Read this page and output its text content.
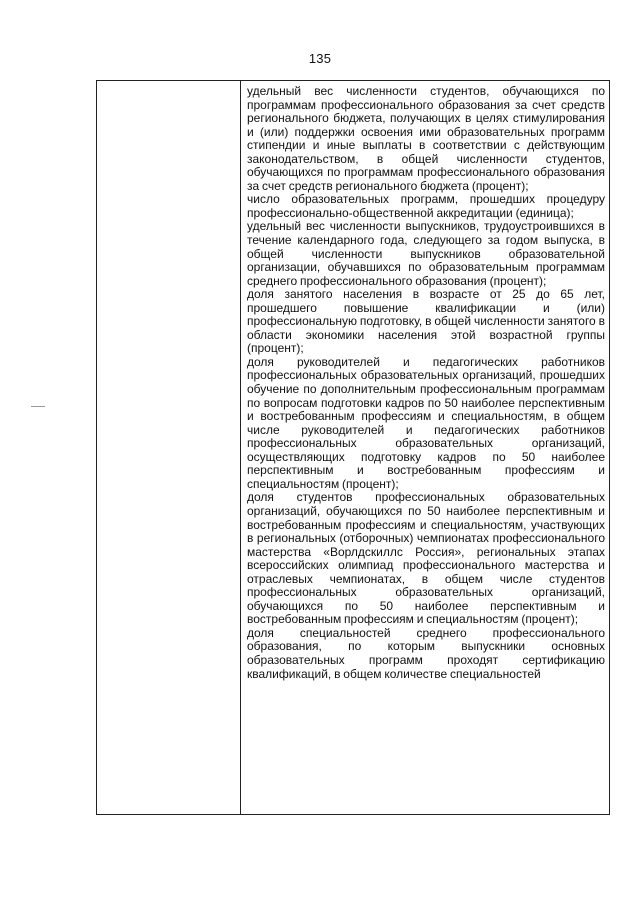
135

удельный вес численности студентов, обучающихся по программам профессионального образования за счет средств регионального бюджета, получающих в целях стимулирования и (или) поддержки освоения ими образовательных программ стипендии и иные выплаты в соответствии с действующим законодательством, в общей численности студентов, обучающихся по программам профессионального образования за счет средств регионального бюджета (процент);

число образовательных программ, прошедших процедуру профессионально-общественной аккредитации (единица);

удельный вес численности выпускников, трудоустроившихся в течение календарного года, следующего за годом выпуска, в общей численности выпускников образовательной организации, обучавшихся по образовательным программам среднего профессионального образования (процент);

доля занятого населения в возрасте от 25 до 65 лет, прошедшего повышение квалификации и (или) профессиональную подготовку, в общей численности занятого в области экономики населения этой возрастной группы (процент);

доля руководителей и педагогических работников профессиональных образовательных организаций, прошедших обучение по дополнительным профессиональным программам по вопросам подготовки кадров по 50 наиболее перспективным и востребованным профессиям и специальностям, в общем числе руководителей и педагогических работников профессиональных образовательных организаций, осуществляющих подготовку кадров по 50 наиболее перспективным и востребованным профессиям и специальностям (процент);

доля студентов профессиональных образовательных организаций, обучающихся по 50 наиболее перспективным и востребованным профессиям и специальностям, участвующих в региональных (отборочных) чемпионатах профессионального мастерства «Ворлдскиллс Россия», региональных этапах всероссийских олимпиад профессионального мастерства и отраслевых чемпионатах, в общем числе студентов профессиональных образовательных организаций, обучающихся по 50 наиболее перспективным и востребованным профессиям и специальностям (процент);

доля специальностей среднего профессионального образования, по которым выпускники основных образовательных программ проходят сертификацию квалификаций, в общем количестве специальностей
